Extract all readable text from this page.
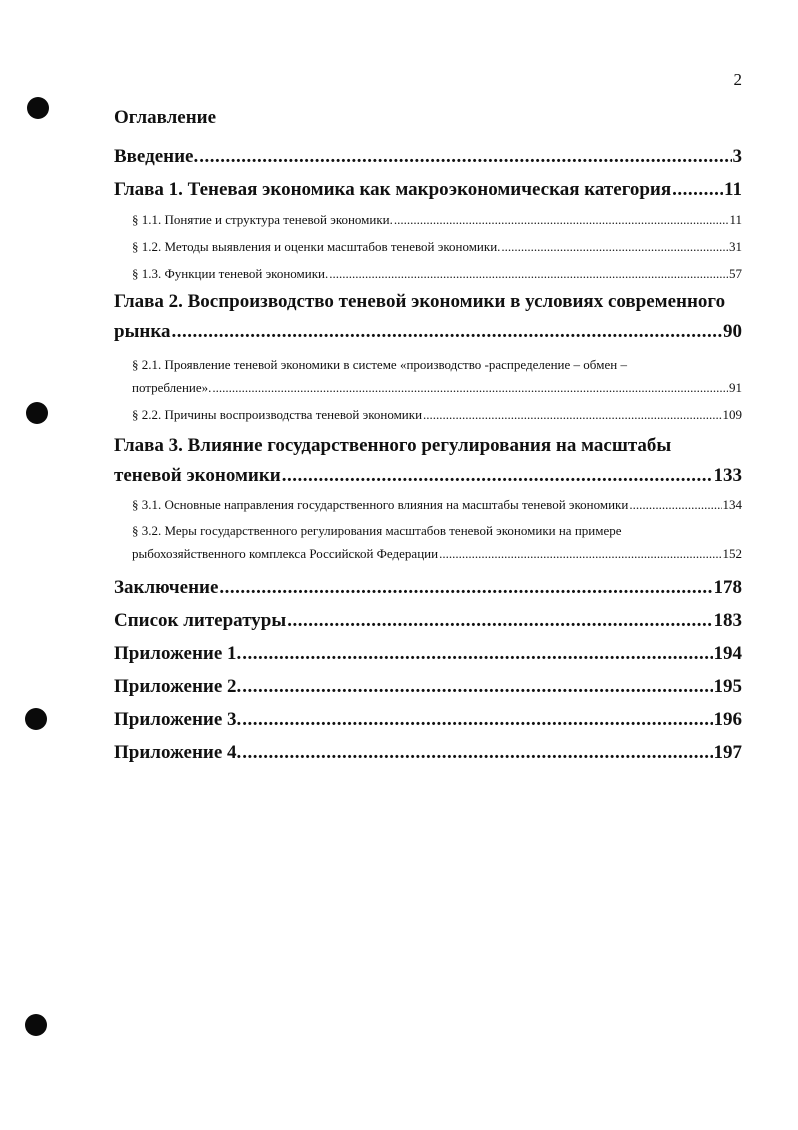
2
Оглавление
Введение. .....	3
Глава 1. Теневая экономика как макроэкономическая категория .....	11
§ 1.1. Понятие и структура теневой экономики. .....	11
§ 1.2. Методы выявления и оценки масштабов теневой экономики. .....	31
§ 1.3. Функции теневой экономики. .....	57
Глава 2. Воспроизводство теневой экономики в условиях современного
рынка .....	90
§ 2.1. Проявление теневой экономики в системе «производство -распределение – обмен –
потребление». .....	91
§ 2.2. Причины воспроизводства теневой экономики .....	109
Глава 3. Влияние государственного регулирования на масштабы
теневой экономики .....	133
§ 3.1. Основные направления государственного влияния на масштабы теневой экономики .....	134
§ 3.2. Меры государственного регулирования масштабов теневой экономики на примере
рыбохозяйственного комплекса Российской Федерации .....	152
Заключение .....	178
Список литературы .....	183
Приложение 1. .....	194
Приложение 2. .....	195
Приложение 3. .....	196
Приложение 4. .....	197
